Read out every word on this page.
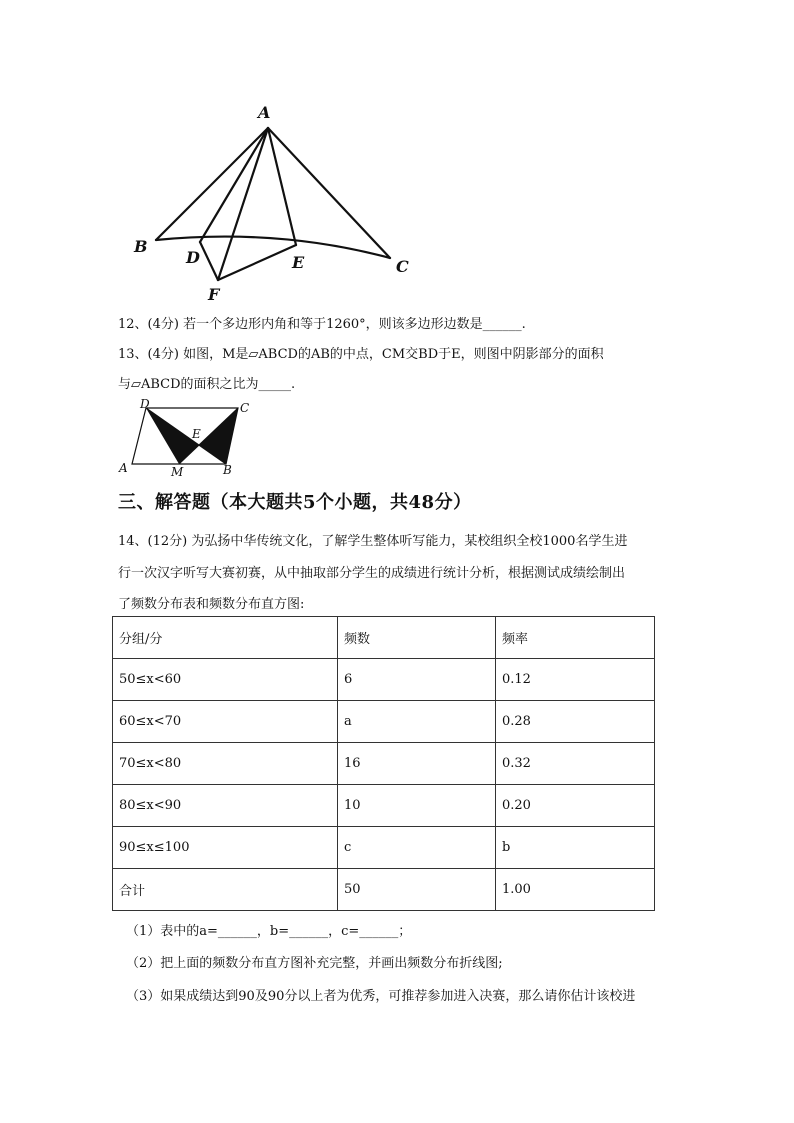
A
B
C
D	E
F
12、(4分) 若一个多边形内角和等于1260°，则该多边形边数是______.
13、(4分) 如图，M是▱ABCD的AB的中点，CM交BD于E，则图中阴影部分的面积
与▱ABCD的面积之比为_____.
D	C
E
A	M	B
三、解答题（本大题共5个小题，共48分）
14、(12分) 为弘扬中华传统文化，了解学生整体听写能力，某校组织全校1000名学生进
行一次汉字听写大赛初赛，从中抽取部分学生的成绩进行统计分析，根据测试成绩绘制出
了频数分布表和频数分布直方图:
分组/分	频数	频率
50≤x<60	6	0.12
60≤x<70	a	0.28
70≤x<80	16	0.32
80≤x<90	10	0.20
90≤x≤100	c	b
合计	50	1.00
（1）表中的a=______，b=______，c=______；
（2）把上面的频数分布直方图补充完整，并画出频数分布折线图;
（3）如果成绩达到90及90分以上者为优秀，可推荐参加进入决赛，那么请你估计该校进
